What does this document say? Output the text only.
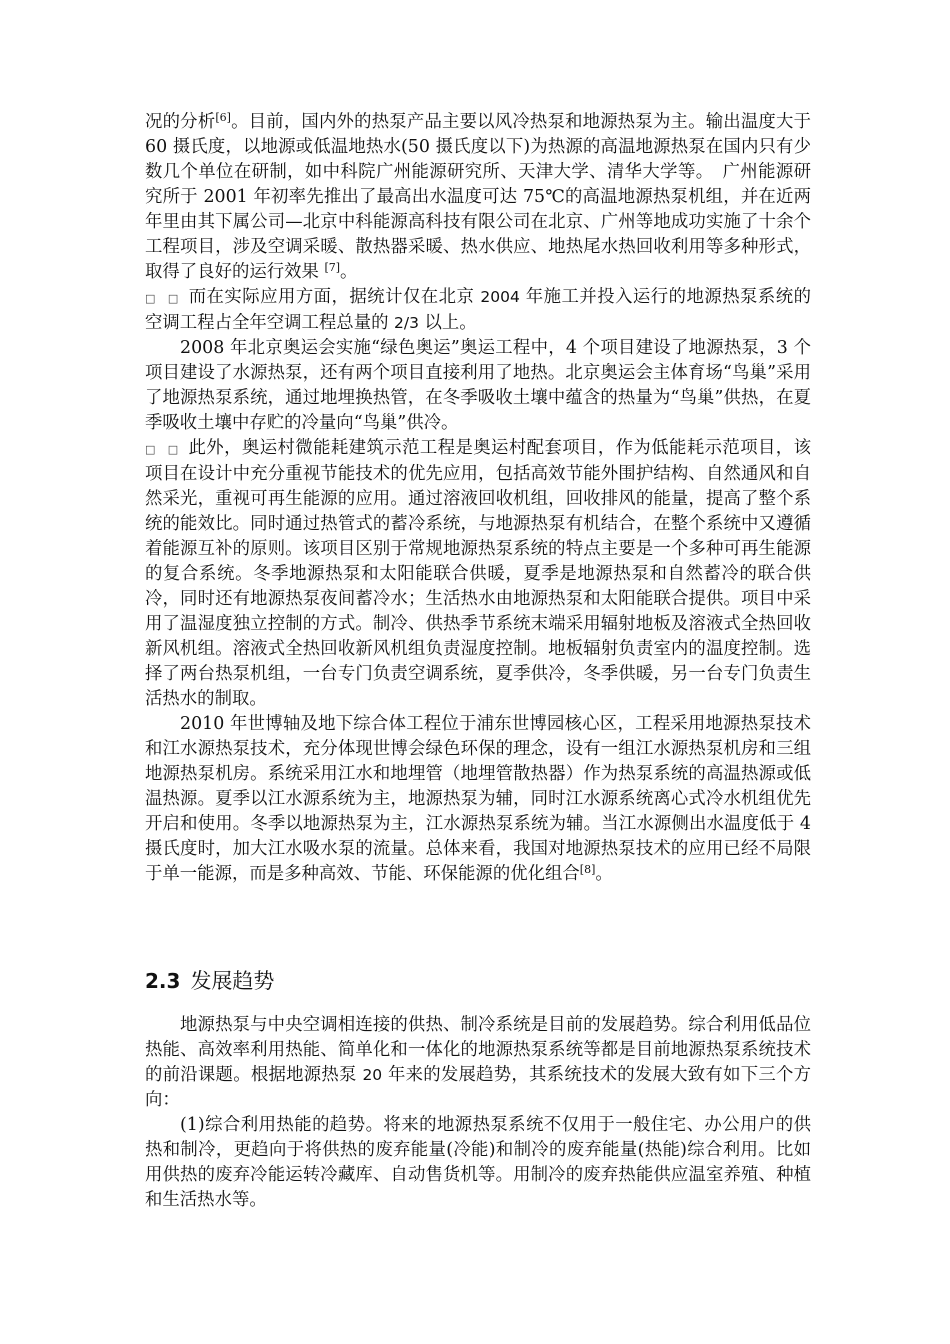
况的分析[6]。目前，国内外的热泵产品主要以风冷热泵和地源热泵为主。输出温度大于 60 摄氏度，以地源或低温地热水(50 摄氏度以下)为热源的高温地源热泵在国内只有少数几个单位在研制，如中科院广州能源研究所、天津大学、清华大学等。　广州能源研究所于 2001 年初率先推出了最高出水温度可达 75℃的高温地源热泵机组，并在近两年里由其下属公司—北京中科能源高科技有限公司在北京、广州等地成功实施了十余个工程项目，涉及空调采暖、散热器采暖、热水供应、地热尾水热回收利用等多种形式，取得了良好的运行效果 [7]。

□ □ 而在实际应用方面，据统计仅在北京 2004 年施工并投入运行的地源热泵系统的空调工程占全年空调工程总量的 2/3 以上。

2008 年北京奥运会实施“绿色奥运”奥运工程中，4 个项目建设了地源热泵，3 个项目建设了水源热泵，还有两个项目直接利用了地热。北京奥运会主体育场“鸟巢”采用了地源热泵系统，通过地埋换热管，在冬季吸收土壤中蕴含的热量为“鸟巢”供热，在夏季吸收土壤中存贮的冷量向“鸟巢”供冷。

□ □ 此外，奥运村微能耗建筑示范工程是奥运村配套项目，作为低能耗示范项目，该项目在设计中充分重视节能技术的优先应用，包括高效节能外围护结构、自然通风和自然采光，重视可再生能源的应用。通过溶液回收机组，回收排风的能量，提高了整个系统的能效比。同时通过热管式的蓄冷系统，与地源热泵有机结合，在整个系统中又遵循着能源互补的原则。该项目区别于常规地源热泵系统的特点主要是一个多种可再生能源的复合系统。冬季地源热泵和太阳能联合供暖，夏季是地源热泵和自然蓄冷的联合供冷，同时还有地源热泵夜间蓄冷水；生活热水由地源热泵和太阳能联合提供。项目中采用了温湿度独立控制的方式。制冷、供热季节系统末端采用辐射地板及溶液式全热回收新风机组。溶液式全热回收新风机组负责湿度控制。地板辐射负责室内的温度控制。选择了两台热泵机组，一台专门负责空调系统，夏季供冷，冬季供暖，另一台专门负责生活热水的制取。

2010 年世博轴及地下综合体工程位于浦东世博园核心区，工程采用地源热泵技术和江水源热泵技术，充分体现世博会绿色环保的理念，设有一组江水源热泵机房和三组地源热泵机房。系统采用江水和地埋管（地埋管散热器）作为热泵系统的高温热源或低温热源。夏季以江水源系统为主，地源热泵为辅，同时江水源系统离心式冷水机组优先开启和使用。冬季以地源热泵为主，江水源热泵系统为辅。当江水源侧出水温度低于 4 摄氏度时，加大江水吸水泵的流量。总体来看，我国对地源热泵技术的应用已经不局限于单一能源，而是多种高效、节能、环保能源的优化组合[8]。

2.3 发展趋势

地源热泵与中央空调相连接的供热、制冷系统是目前的发展趋势。综合利用低品位热能、高效率利用热能、简单化和一体化的地源热泵系统等都是目前地源热泵系统技术的前沿课题。根据地源热泵 20 年来的发展趋势，其系统技术的发展大致有如下三个方向：

(1)综合利用热能的趋势。将来的地源热泵系统不仅用于一般住宅、办公用户的供热和制冷，更趋向于将供热的废弃能量(冷能)和制冷的废弃能量(热能)综合利用。比如用供热的废弃冷能运转冷藏库、自动售货机等。用制冷的废弃热能供应温室养殖、种植和生活热水等。
